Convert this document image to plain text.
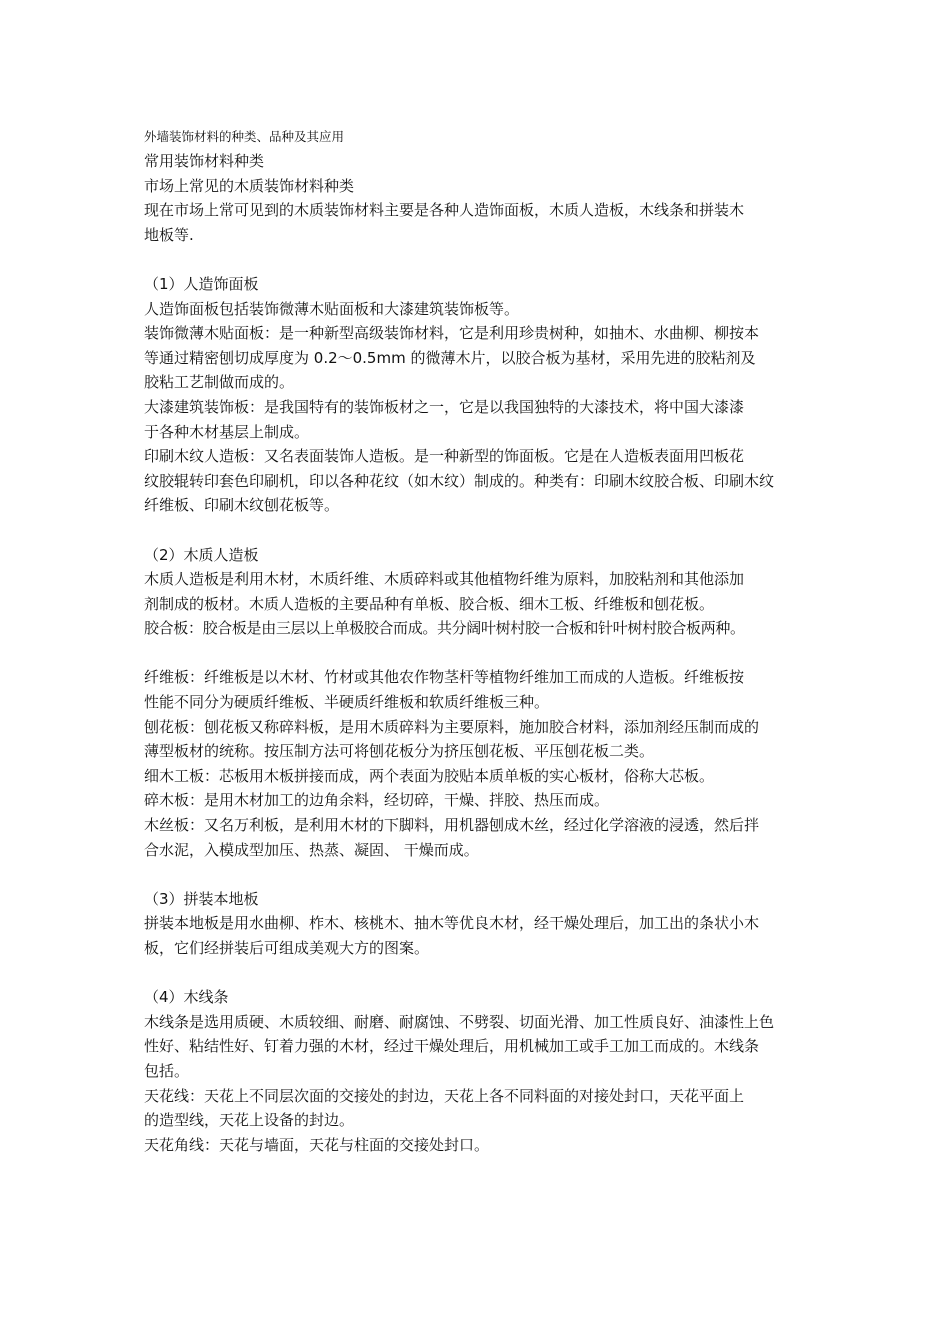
外墙装饰材料的种类、品种及其应用
常用装饰材料种类
市场上常见的木质装饰材料种类
现在市场上常可见到的木质装饰材料主要是各种人造饰面板，木质人造板，木线条和拼装木
地板等.
（1）人造饰面板
人造饰面板包括装饰微薄木贴面板和大漆建筑装饰板等。
装饰微薄木贴面板：是一种新型高级装饰材料，它是利用珍贵树种，如抽木、水曲柳、柳按本
等通过精密刨切成厚度为 0.2～0.5mm 的微薄木片，以胶合板为基材，采用先进的胶粘剂及
胶粘工艺制做而成的。
大漆建筑装饰板：是我国特有的装饰板材之一，它是以我国独特的大漆技术，将中国大漆漆
于各种木材基层上制成。
印刷木纹人造板：又名表面装饰人造板。是一种新型的饰面板。它是在人造板表面用凹板花
纹胶辊转印套色印刷机，印以各种花纹（如木纹）制成的。种类有：印刷木纹胶合板、印刷木纹
纤维板、印刷木纹刨花板等。
（2）木质人造板
木质人造板是利用木材，木质纤维、木质碎料或其他植物纤维为原料，加胶粘剂和其他添加
剂制成的板材。木质人造板的主要品种有单板、胶合板、细木工板、纤维板和刨花板。
胶合板：胶合板是由三层以上单极胶合而成。共分阔叶树村胶一合板和针叶树村胶合板两种。
纤维板：纤维板是以木材、竹材或其他农作物茎杆等植物纤维加工而成的人造板。纤维板按
性能不同分为硬质纤维板、半硬质纤维板和软质纤维板三种。
刨花板：刨花板又称碎料板，是用木质碎料为主要原料，施加胶合材料，添加剂经压制而成的
薄型板材的统称。按压制方法可将刨花板分为挤压刨花板、平压刨花板二类。
细木工板：芯板用木板拼接而成，两个表面为胶贴本质单板的实心板材，俗称大芯板。
碎木板：是用木材加工的边角余料，经切碎，干燥、拌胶、热压而成。
木丝板：又名万利板，是利用木材的下脚料，用机器刨成木丝，经过化学溶液的浸透，然后拌
合水泥，入模成型加压、热蒸、凝固、 干燥而成。
（3）拼装本地板
拼装本地板是用水曲柳、柞木、核桃木、抽木等优良木材，经干燥处理后，加工出的条状小木
板，它们经拼装后可组成美观大方的图案。
（4）木线条
木线条是选用质硬、木质较细、耐磨、耐腐蚀、不劈裂、切面光滑、加工性质良好、油漆性上色
性好、粘结性好、钉着力强的木材，经过干燥处理后，用机械加工或手工加工而成的。木线条
包括。
天花线：天花上不同层次面的交接处的封边，天花上各不同料面的对接处封口，天花平面上
的造型线，天花上设备的封边。
天花角线：天花与墙面，天花与柱面的交接处封口。
